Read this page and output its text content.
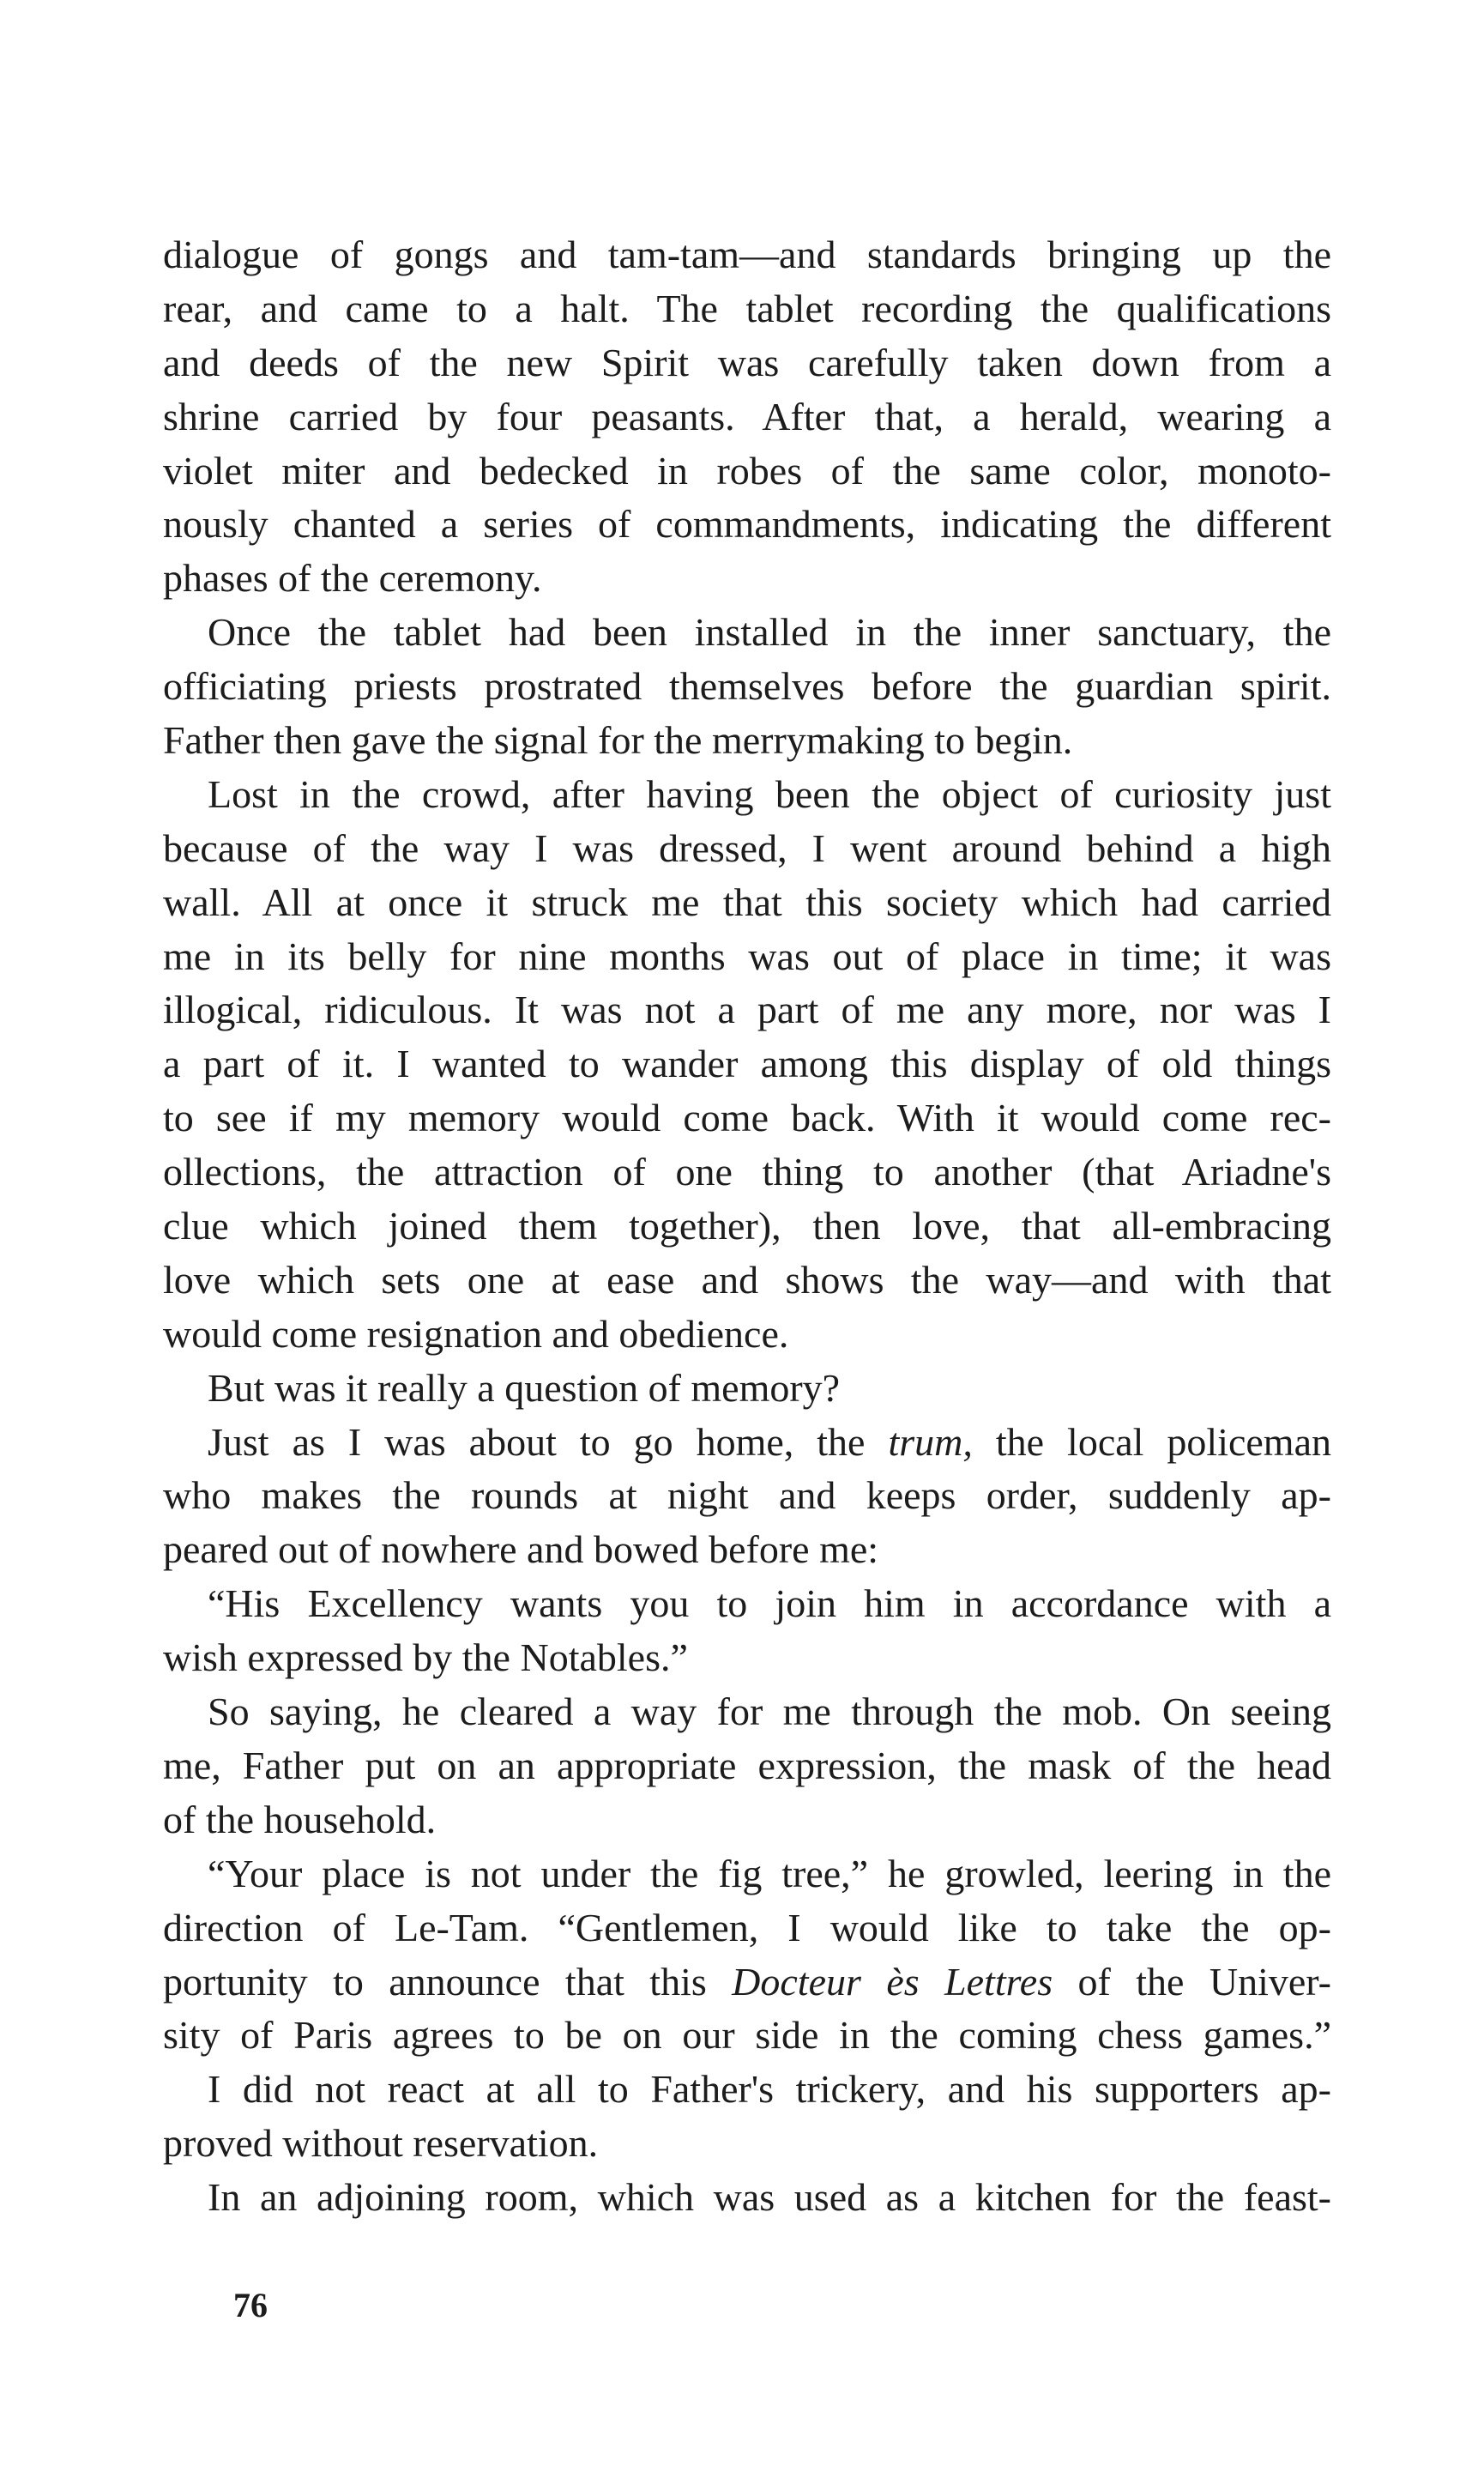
dialogue of gongs and tam-tam—and standards bringing up the
rear, and came to a halt. The tablet recording the qualifications
and deeds of the new Spirit was carefully taken down from a
shrine carried by four peasants. After that, a herald, wearing a
violet miter and bedecked in robes of the same color, monoto-
nously chanted a series of commandments, indicating the different
phases of the ceremony.
Once the tablet had been installed in the inner sanctuary, the
officiating priests prostrated themselves before the guardian spirit.
Father then gave the signal for the merrymaking to begin.
Lost in the crowd, after having been the object of curiosity just
because of the way I was dressed, I went around behind a high
wall. All at once it struck me that this society which had carried
me in its belly for nine months was out of place in time; it was
illogical, ridiculous. It was not a part of me any more, nor was I
a part of it. I wanted to wander among this display of old things
to see if my memory would come back. With it would come rec-
ollections, the attraction of one thing to another (that Ariadne's
clue which joined them together), then love, that all-embracing
love which sets one at ease and shows the way—and with that
would come resignation and obedience.
But was it really a question of memory?
Just as I was about to go home, the trum, the local policeman
who makes the rounds at night and keeps order, suddenly ap-
peared out of nowhere and bowed before me:
“His Excellency wants you to join him in accordance with a
wish expressed by the Notables.”
So saying, he cleared a way for me through the mob. On seeing
me, Father put on an appropriate expression, the mask of the head
of the household.
“Your place is not under the fig tree,” he growled, leering in the
direction of Le-Tam. “Gentlemen, I would like to take the op-
portunity to announce that this Docteur ès Lettres of the Univer-
sity of Paris agrees to be on our side in the coming chess games.”
I did not react at all to Father's trickery, and his supporters ap-
proved without reservation.
In an adjoining room, which was used as a kitchen for the feast-
76
